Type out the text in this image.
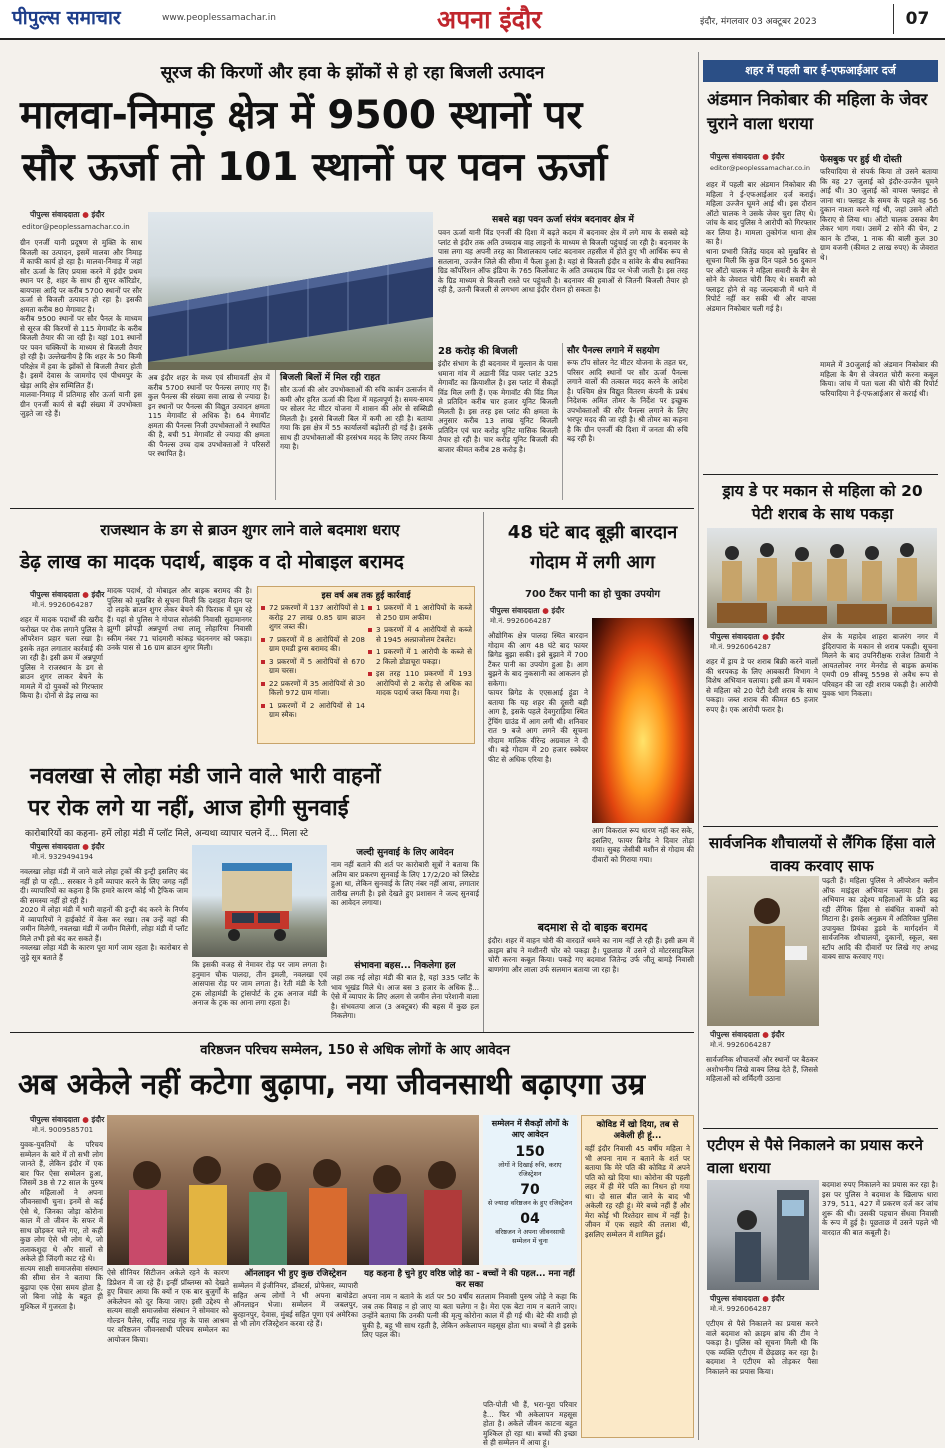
पीपुल्स समाचार	www.peoplessamachar.in	अपना इंदौर	इंदौर, मंगलवार 03 अक्टूबर 2023	07
सूरज की किरणों और हवा के झोंकों से हो रहा बिजली उत्पादन
मालवा-निमाड़ क्षेत्र में 9500 स्थानों पर
सौर ऊर्जा तो 101 स्थानों पर पवन ऊर्जा
पीपुल्स संवाददाता ● इंदौर
editor@peoplessamachar.co.in
ग्रीन एनर्जी यानी प्रदूषण से मुक्ति के साथ बिजली का उत्पादन, इसमें मालवा और निमाड़ में काफी कार्य हो रहा है। मालवा-निमाड़ में जहां सौर ऊर्जा के लिए प्रयास करने में इंदौर प्रथम स्थान पर है, शहर के साथ ही सुपर कॉरिडोर, बायपास आदि पर करीब 5700 स्थानों पर सौर ऊर्जा से बिजली उत्पादन हो रहा है। इसकी क्षमता करीब 80 मेगावाट है।
करीब 9500 स्थानों पर सौर पैनल के माध्यम से सूरज की किरणों से 115 मेगावॉट के करीब बिजली तैयार की जा रही है। यहां 101 स्थानों पर पवन चक्कियों के माध्यम से बिजली तैयार हो रही है। उल्लेखनीय है कि शहर के 50 किमी परिक्षेत्र में हवा के झोंकों से बिजली तैयार होती है। इसमें देवास के जामगोद एवं पीथमपुर के खेड़ा आदि क्षेत्र सम्मिलित हैं।
मालवा-निमाड़ में प्रतिमाह सौर ऊर्जा यानी इस ग्रीन एनर्जी कार्य से बढ़ी संख्या में उपभोक्ता जुड़ते जा रहे हैं।
अब इंदौर शहर के मध्य एवं सीमावर्ती क्षेत्र में करीब 5700 स्थानों पर पैनल्स लगाए गए हैं। कुल पैनल्स की संख्या सवा लाख से ज्यादा है। इन स्थानों पर पैनल्स की विद्युत उत्पादन क्षमता 115 मेगावॉट से अधिक है। 64 मेगावॉट क्षमता की पैनल्स निजी उपभोक्ताओं ने स्थापित की है, बची 51 मेगावॉट से ज्यादा की क्षमता की पैनल्स उच्च दाब उपभोक्ताओं ने परिसरों पर स्थापित है।
बिजली बिलों में मिल रही राहत
सौर ऊर्जा की ओर उपभोक्ताओं की रुचि कार्बन उत्सर्जन में कमी और हरित ऊर्जा की दिशा में महत्वपूर्ण है। समय-समय पर सोलर नेट मीटर योजना में शासन की ओर से सब्सिडी मिलती है। इससे बिजली बिल में कमी आ रही है। बताया गया कि इस क्षेत्र में 55 कार्यालयों बढ़ोतरी हो गई है। इसके साथ ही उपभोक्ताओं की हरसंभव मदद के लिए तत्पर किया गया है।
सबसे बड़ा पवन ऊर्जा संयंत्र बदनावर क्षेत्र में
पवन ऊर्जा यानी विंड एनर्जी की दिशा में बढ़ते कदम में बदनावर क्षेत्र में लगे माच के सबसे बड़े प्लांट से इंदौर तक अति उच्चदाब वाह लाइनों के माध्यम से बिजली पहुंचाई जा रही है। बदनावर के पास लगा यह अपनी तरह का विशालकाय प्लांट बदनावर तहसील में होते हुए भी आर्थिक रूप से सतलाना, उज्जैन जिले की सीमा में फैला हुआ है। यहां से बिजली इंदौर व सांवेर के बीच स्थानिका ग्रिड कॉर्पोरेशन ऑफ इंडिया के 765 किलोवाट के अति उच्चदाब ग्रिड पर भेजी जाती है। इस तरह के ग्रिड माध्यम से बिजली रास्ते पर पहुंचती है। बदनावर की हवाओं से जितनी बिजली तैयार हो रही है, उतनी बिजली से लगभग आधा इंदौर रोशन हो सकता है।
28 करोड़ की बिजली
इंदौर संभाग के ही बदनावर में मुल्तान के पास धमाना गांव में अडानी विंड पावर प्लांट 325 मेगावॉट का क्रियाशील है। इस प्लांट में सैकड़ों विंड मिल लगी हैं। एक मेगावॉट की विंड मिल से प्रतिदिन करीब चार हजार यूनिट बिजली मिलती है। इस तरह इस प्लांट की क्षमता के अनुसार करीब 13 लाख यूनिट बिजली प्रतिदिन एवं चार करोड़ यूनिट मासिक बिजली तैयार हो रही है। चार करोड़ यूनिट बिजली की बाजार कीमत करीब 28 करोड़ है।
सौर पैनल्स लगाने में सहयोग
रूफ टॉप सोलर नेट मीटर योजना के तहत घर, परिसर आदि स्थानों पर सौर ऊर्जा पैनल्स लगाने वालों की तत्काल मदद करने के आदेश है। पश्चिम क्षेत्र विद्युत वितरण कंपनी के प्रबंध निदेशक अमित तोमर के निर्देश पर इच्छुक उपभोक्ताओं की सौर पैनल्स लगाने के लिए भरपूर मदद की जा रही है। श्री तोमर का कहना है कि ग्रीन एनर्जी की दिशा में जनता की रुचि बढ़ रही है।
राजस्थान के डग से ब्राउन शुगर लाने वाले बदमाश धराए
डेढ़ लाख का मादक पदार्थ, बाइक व दो मोबाइल बरामद
पीपुल्स संवाददाता ● इंदौर
मो.नं. 9926064287
शहर में मादक पदार्थों की खरीद फरोख्त पर रोक लगाने पुलिस ने ऑपरेशन प्रहार चला रखा है। इसके तहत लगातार कार्रवाई की जा रही है। इसी क्रम में अन्नपूर्णा पुलिस ने राजस्थान के डग से ब्राउन शुगर लाकर बेचने के मामले में दो युवकों को गिरफ्तार किया है। दोनों से डेढ़ लाख का
मादक पदार्थ, दो मोबाइल और बाइक बरामद की है। पुलिस को मुखबिर से सूचना मिली कि दशहरा मैदान पर दो लड़के ब्राउन शुगर लेकर बेचने की फिराक में घूम रहे हैं। यहां से पुलिस ने गोपाल सोलंकी निवासी सुदामानगर झुग्गी झोपड़ी अन्नपूर्णा तथा लालू लोहारिया निवासी स्कीम नंबर 71 चांदमारी कांकड़ चंदननगर को पकड़ा। उनके पास से 16 ग्राम ब्राउन शुगर मिली।
इस वर्ष अब तक हुई कार्रवाई
72 प्रकरणों में 137 आरोपियों से 1 करोड़ 27 लाख 0.85 ग्राम ब्राउन शुगर जब्त की।
7 प्रकरणों में 8 आरोपियों से 208 ग्राम एमडी ड्रग्स बरामद की।
3 प्रकरणों में 5 आरोपियों से 670 ग्राम चरस।
22 प्रकरणों में 35 आरोपियों से 30 किलो 972 ग्राम गांजा।
1 प्रकरणों में 2 आरोपियों से 14 ग्राम स्मैक।
1 प्रकरणों में 1 आरोपियों के कब्जे से 250 ग्राम अफीम।
3 प्रकरणों में 4 आरोपियों से कब्जे से 1945 अल्प्राजोलम टेबलेट।
1 प्रकरणों में 1 आरोपी के कब्जे से 2 किलो डोडाचूरा पकड़ा।
इस तरह 110 प्रकरणों में 193 आरोपियों से 2 करोड़ से अधिक का मादक पदार्थ जब्त किया गया है।
नवलखा से लोहा मंडी जाने वाले भारी वाहनों
पर रोक लगे या नहीं, आज होगी सुनवाई
कारोबारियों का कहना- हमें लोहा मंडी में प्लॉट मिले, अन्यथा व्यापार चलने दें... मिला स्टे
पीपुल्स संवाददाता ● इंदौर
मो.नं. 9329494194
नवलखा लोहा मंडी में जाने वाले लोहा ट्रकों की इन्ट्री इसलिए बंद नहीं हो पा रही... सरकार ने हमें व्यापार करने के लिए जगह नहीं दी। व्यापारियों का कहना है कि हमारे कारण कोई भी ट्रैफिक जाम की समस्या नहीं हो रही है।
2020 में लोहा मंडी में भारी वाहनों की इन्ट्री बंद करने के निर्णय में व्यापारियों ने हाईकोर्ट में केस कर रखा। तब उन्हें वहां की जमीन मिलेगी, नवलखा मंडी में जमीन मिलेगी, लोहा मंडी में प्लॉट मिले तभी इसे बंद कर सकते हैं।
नवलखा लोहा मंडी के कारण पूरा मार्ग जाम रहता है। कारोबार से जुड़े सूत्र बताते हैं
कि इसकी वजह से नेमावर रोड़ पर जाम लगता है। हनुमान चौक पालदा, तीन इमली, नवलखा एवं आसपास रोड़ पर जाम लगता है। रेती मंडी के रैती ट्रक लोहामंडी के ट्रांसपोर्ट के ट्रक अनाज मंडी के अनाज के ट्रक का आना लगा रहता है।
जल्दी सुनवाई के लिए आवेदन
नाम नहीं बताने की शर्त पर कारोबारी सूत्रों ने बताया कि अतिम बार प्रकरण सुनवाई के लिए 17/2/20 को लिस्टेड हुआ था, लेकिन सुनवाई के लिए नंबर नहीं आया, लगातार तारीख लगती है। इसे देखते हुए प्रशासन ने जल्द सुनवाई का आवेदन लगाया।
संभावना बहस... निकलेगा हल
जहां तक नई लोहा मंडी की बात है, यहां 335 प्लॉट के भाव भूखंड मिले थे। आज बस 3 हजार के अधिक हैं... ऐसे में व्यापार के लिए अलग से जमीन लेना परेशानी वाला है। संभवतया आज (3 अक्टूबर) की बहस में कुछ हल निकलेगा।
48 घंटे बाद बूझी बारदान
गोदाम में लगी आग
700 टैंकर पानी का हो चुका उपयोग
पीपुल्स संवाददाता ● इंदौर
मो.नं. 9926064287
औद्योगिक क्षेत्र पालदा स्थित बारदान गोदाम की आग 48 घंटे बाद फायर ब्रिगेड बुझा सकी। इसे बुझाने में 700 टैंकर पानी का उपयोग हुआ है। आग बुझने के बाद नुकसानी का आकलन हो सकेगा।
फायर ब्रिगेड के एएसआई हुंडा ने बताया कि यह शहर की दूसरी बड़ी आग है, इसके पहले देवगुराड़िया स्थित ट्रेंचिंग ग्राउंड में आग लगी थी। शनिवार रात 9 बजे आग लगने की सूचना गोदाम मालिक वीरेन्द्र अग्रवाल ने दी थी। बड़े गोदाम में 20 हजार स्क्वेयर फीट से अधिक एरिया है।
आग विकराल रूप धारण नहीं कर सके, इसलिए, फायर ब्रिगेड ने दिवार तोड़ा गया। सुबह जेसीबी मशीन से गोदाम की दीवारों को गिराया गया।
बदमाश से दो बाइक बरामद
इंदौर। शहर में वाहन चोरी की वारदातें थमने का नाम नहीं ले रही हैं। इसी क्रम में क्राइम ब्रांच ने मशीनरी चोर को पकड़ा है। पूछताछ में उसने दो मोटरसाइकिल चोरी करना कबूल किया। पकड़े गए बदमाश जितेन्द्र उर्फ जीतू बामड़े निवासी बाणगंगा और लाला उर्फ सलमान बताया जा रहा है।
वरिष्ठजन परिचय सम्मेलन, 150 से अधिक लोगों के आए आवेदन
अब अकेले नहीं कटेगा बुढ़ापा, नया जीवनसाथी बढ़ाएगा उम्र
पीपुल्स संवाददाता ● इंदौर
मो.नं. 9009585701
युवक-युवतियों के परिचय सम्मेलन के बारे में तो सभी लोग जानते हैं, लेकिन इंदौर में एक बार फिर ऐसा सम्मेलन हुआ, जिसमें 38 से 72 साल के पुरुष और महिलाओं ने अपना जीवनसाथी चुना। इनमें से कई ऐसे थे, जिनका जोड़ा कोरोना काल में तो जीवन के सफर में साथ छोड़कर चले गए, तो कहीं कुछ लोग ऐसे भी लोग थे, जो तलाकशुदा थे और सालों से अकेले ही जिंदगी काट रहे थे।
सत्यम साक्षी समाजसेवा संस्थान की सीमा सेन ने बताया कि बुढ़ापा एक ऐसा समय होता है, जो बिना जोड़े के बहुत ही मुश्किल में गुजरता है।
ऐसे सीनियर सिटीजन अकेले रहने के कारण डिप्रेशन में जा रहे हैं। इन्हीं प्रॉब्लम्स को देखते हुए विचार आया कि क्यों न एक बार बुजुर्गों के अकेलेपन को दूर किया जाए। इसी उद्देश्य से सत्यम साक्षी समाजसेवा संस्थान ने सोमवार को गोल्डन पैलेस, रवींद्र नाट्य गृह के पास आश्रम पर वरिष्ठजन जीवनसाथी परिचय सम्मेलन का आयोजन किया।
ऑनलाइन भी हुए कुछ रजिस्ट्रेशन
सम्मेलन में इंजीनियर, डॉक्टर्स, प्रोफेसर, व्यापारी सहित अन्य लोगों ने भी अपना बायोडेटा ऑनलाइन भेजा। सम्मेलन में जबलपुर, बुरहानपुर, देवास, मुंबई सहित पूणा एवं अमेरिका से भी लोग रजिस्ट्रेशन करवा रहे हैं।
यह कहना है चुने हुए वरिष्ठ जोड़े का - बच्चों ने की पहल... मना नहीं कर सका
अपना नाम न बताने के शर्त पर 50 वर्षीय सतलाम निवासी पुरुष जोड़े ने कहा कि जब तक विवाह न हो जाए या बता चलेगा न है। मेरा एक बेटा नाम न बताने जाए। उन्होंने बताया कि उनकी पत्नी की मृत्यु कोरोना काल में ही गई थी। बेटे की शादी हो चुकी है, बहू भी साथ रहती है, लेकिन अकेलापन महसूस होता था। बच्चों ने ही इसके लिए पहल की।
पति-पोती भी हैं, भरा-पूरा परिवार है... फिर भी अकेलापन महसूस होता है। अकेले जीवन काटना बहुत मुश्किल हो रहा था। बच्चों की इच्छा से ही सम्मेलन में आया हूं।
सम्मेलन में सैकड़ों लोगों के आए आवेदन
150
लोगों ने दिखाई रुचि, कराए रजिस्ट्रेशन
70
से ज्यादा वरिष्ठजन के हुए रजिस्ट्रेशन
04
वरिष्ठजन ने अपना जीवनसाथी सम्मेलन में चुना
कोविड में खो दिया, तब से अकेली ही हूं...
वहीं इंदौर निवासी 45 वर्षीय महिला ने भी अपना नाम न बताने के शर्त पर बताया कि मेरे पति की कोविड में अपने पति को खो दिया था। कोरोना की पहली लहर में ही मेरे पति का निधन हो गया था। दो साल बीत जाने के बाद भी अकेली रह रही हूं। मेरे बच्चे नहीं हैं और मेरा कोई भी रिश्तेदार साथ में नहीं है। जीवन में एक सहारे की तलाश थी, इसलिए सम्मेलन में शामिल हुई।
शहर में पहली बार ई-एफआईआर दर्ज
अंडमान निकोबार की महिला के जेवर चुराने वाला धराया
पीपुल्स संवाददाता ● इंदौर
editor@peoplessamachar.co.in
शहर में पहली बार अंडमान निकोबार की महिला ने ई-एफआईआर दर्ज कराई। महिला उज्जैन घूमने आई थी। इस दौरान ऑटो चालक ने उसके जेवर चुरा लिए थे। जांच के बाद पुलिस ने आरोपी को गिरफ्तार कर लिया है। मामला तुकोगंज थाना क्षेत्र का है।
थाना प्रभारी जितेंद्र यादव को मुखबिर से सूचना मिली कि कुछ दिन पहले 56 दुकान पर ऑटो चालक ने महिला सवारी के बैग से सोने के जेवरात चोरी किए थे। सवारी को फ्लाइट होने से वह जल्दबाजी में थाने में रिपोर्ट नहीं कर सकी थी और वापस अंडमान निकोबार चली गई है।
फेसबुक पर हुई थी दोस्ती
फरियादिया से संपर्क किया तो उसने बताया कि वह 27 जुलाई को इंदौर-उज्जैन घूमने आई थी। 30 जुलाई को वापस फ्लाइट से जाना था। फ्लाइट के समय के पहले वह 56 दुकान नाश्ता करने गई थी, जहां उसने ऑटो किराए से लिया था। ऑटो चालक उसका बैग लेकर भाग गया। उसमें 2 सोने की चेन, 2 कान के टॉप्स, 1 नाक की बाली कुल 30 ग्राम वजनी (कीमत 2 लाख रुपए) के जेवरात थे।
मामले में 30जुलाई को अंडमान निकोबार की महिला के बैग से जेवरात चोरी करना कबूल किया। जांच में पता चला की चोरी की रिपोर्ट फरियादिया ने ई-एफआईआर से कराई थी।
ड्राय डे पर मकान से महिला को 20 पेटी शराब के साथ पकड़ा
पीपुल्स संवाददाता ● इंदौर
मो.नं. 9926064287
शहर में ड्राय डे पर शराब बिक्री करने वालों की धरपकड़ के लिए आबकारी विभाग ने विशेष अभियान चलाया। इसी क्रम में मकान से महिला को 20 पेटी देशी शराब के साथ पकड़ा। जब्त शराब की कीमत 65 हजार रुपए है। एक आरोपी फरार है।
क्षेत्र के महादेव शाहरा बाजरंग नगर में इंदिरापारा के मकान से शराब पकड़ी। सूचना मिलने के बाद उपनिरीक्षक राजेश तिवारी ने आयतलोवर नगर मेनरोड से बाइक क्रमांक एमपी 09 सीक्यू 5598 से अवैध रूप से परिवहन की जा रही शराब पकड़ी है। आरोपी युवक भाग निकला।
सार्वजनिक शौचालयों से लैंगिक हिंसा वाले वाक्य करवाए साफ
पीपुल्स संवाददाता ● इंदौर
मो.नं. 9926064287
सार्वजनिक शौचालयों और स्थानों पर बैठकर अशोभनीय लिखे वाक्य लिख देते हैं, जिससे महिलाओं को शर्मिंदगी उठाना
पढ़ती हैं। महिला पुलिस ने ऑपरेशन क्लीन ऑफ माइंड्स अभियान चलाया है। इस अभियान का उद्देश्य महिलाओं के प्रति बढ़ रही लैंगिक हिंसा से संबंधित वाक्यों को मिटाना है। इसके अनुक्रम में अतिरिक्त पुलिस उपायुक्त प्रियंका डुडवे के मार्गदर्शन में सार्वजनिक शौचालयों, दुकानों, स्कूल, बस स्टॉप आदि की दीवारों पर लिखे गए अभद्र वाक्य साफ करवाए गए।
एटीएम से पैसे निकालने का प्रयास करने वाला धराया
पीपुल्स संवाददाता ● इंदौर
मो.नं. 9926064287
एटीएम से पैसे निकालने का प्रयास करने वाले बदमाश को क्राइम ब्रांच की टीम ने पकड़ा है। पुलिस को सूचना मिली थी कि एक व्यक्ति एटीएम में छेड़छाड़ कर रहा है। बदमाश ने एटीएम को तोड़कर पैसा निकालने का प्रयास किया।
बदमाश रुपए निकालने का प्रयास कर रहा है। इस पर पुलिस ने बदमाश के खिलाफ धारा 379, 511, 427 में प्रकरण दर्ज कर जांच शुरू की थी। उसकी पहचान सेंधवा निवासी के रूप में हुई है। पूछताछ में उसने पहले भी वारदात की बात कबूली है।
